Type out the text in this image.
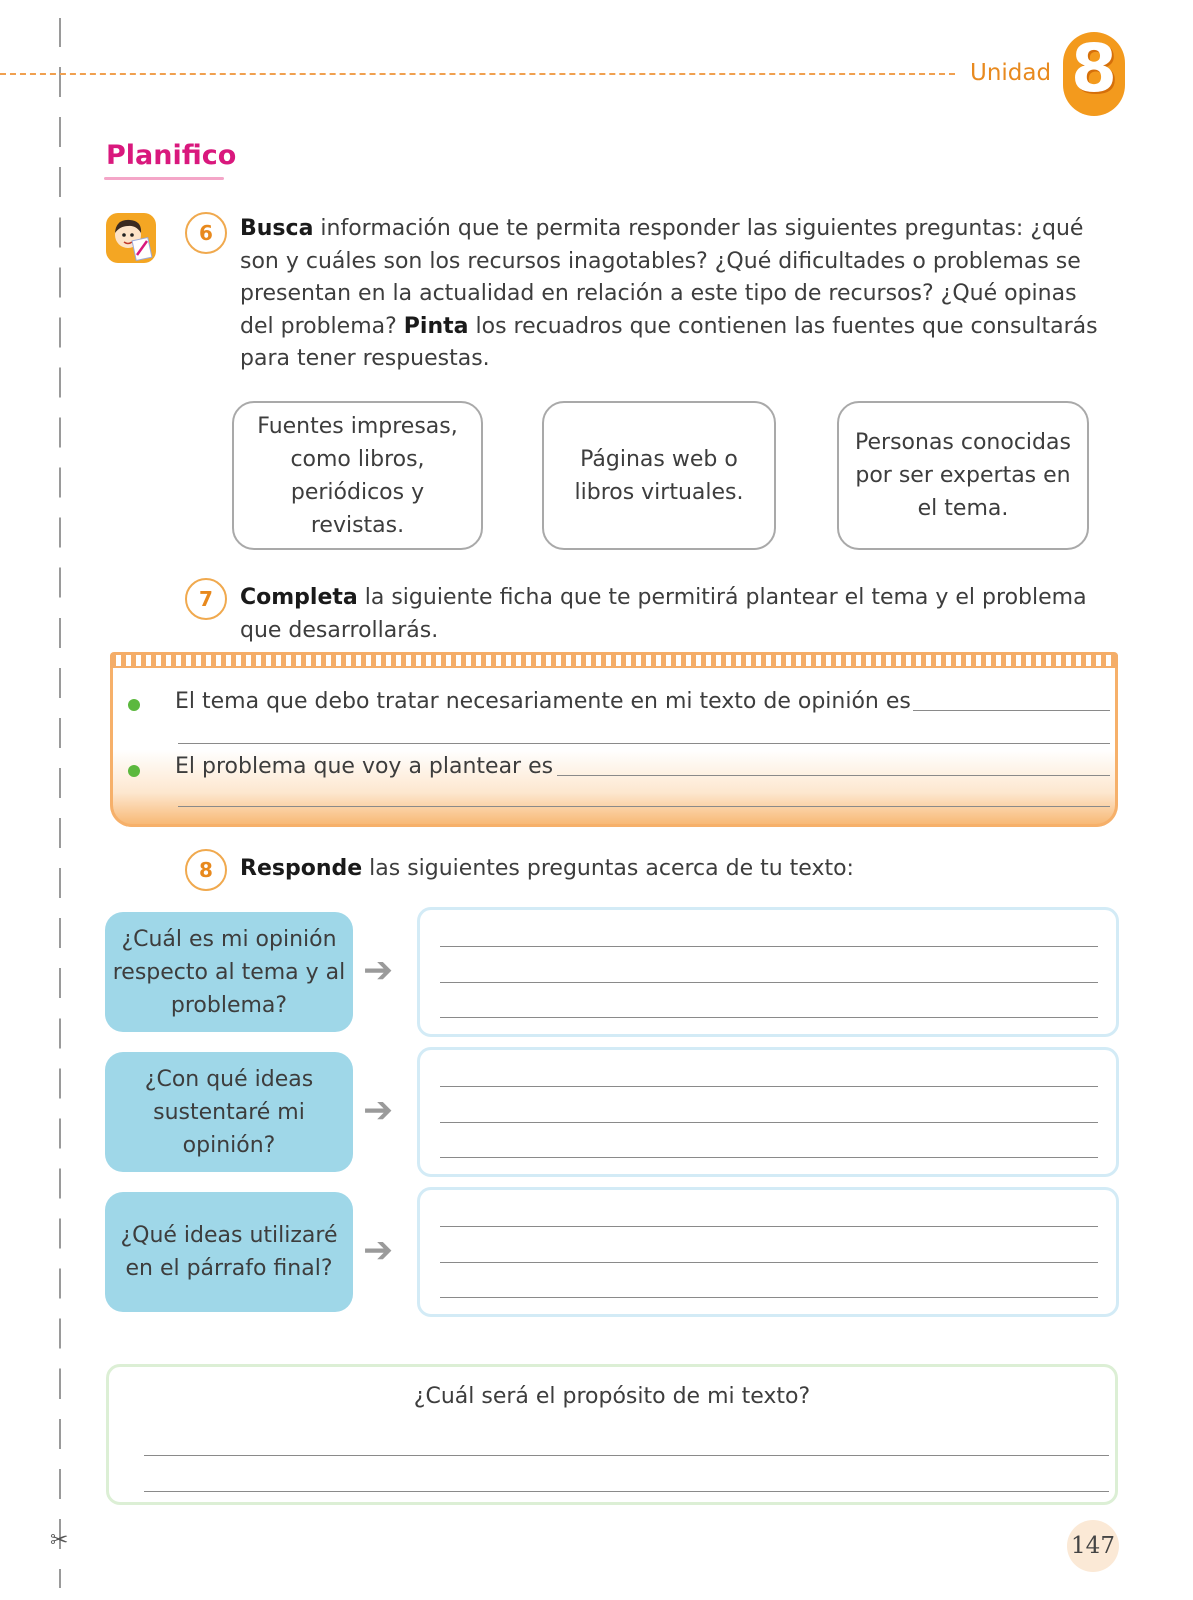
✂
Unidad 8
Planifico
6	Busca información que te permita responder las siguientes preguntas: ¿qué son y cuáles son los recursos inagotables? ¿Qué dificultades o problemas se presentan en la actualidad en relación a este tipo de recursos? ¿Qué opinas del problema? Pinta los recuadros que contienen las fuentes que consultarás para tener respuestas.
Fuentes impresas, como libros, periódicos y revistas.
Páginas web o libros virtuales.
Personas conocidas por ser expertas en el tema.
7	Completa la siguiente ficha que te permitirá plantear el tema y el problema que desarrollarás.
El tema que debo tratar necesariamente en mi texto de opinión es
El problema que voy a plantear es
8	Responde las siguientes preguntas acerca de tu texto:
¿Cuál es mi opinión respecto al tema y al problema?
➔
¿Con qué ideas sustentaré mi opinión?
➔
¿Qué ideas utilizaré en el párrafo final? ➔
¿Cuál será el propósito de mi texto?
147
